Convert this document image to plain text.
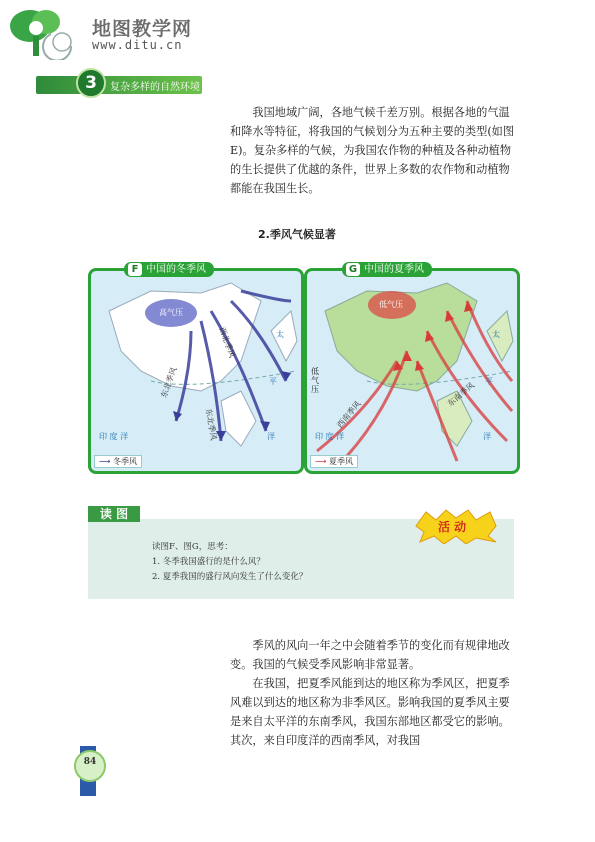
地图教学网
www.ditu.cn
3	复杂多样的自然环境

我国地域广阔，各地气候千差万别。根据各地的气温和降水等特征，将我国的气候划分为五种主要的类型(如图E)。复杂多样的气候，为我国农作物的种植及各种动植物的生长提供了优越的条件，世界上多数的农作物和动植物都能在我国生长。

2.季风气候显著
高气压
太
平
洋
印 度 洋
西北季风
东北季风
东北季风
⟶ 冬季风
F 中国的冬季风
低气压
低气压
太
平
洋
印 度 洋
西南季风
东南季风
⟶ 夏季风
G 中国的夏季风
读 图
活 动
读图F、图G，思考：
1. 冬季我国盛行的是什么风？
2. 夏季我国的盛行风向发生了什么变化？

季风的风向一年之中会随着季节的变化而有规律地改变。我国的气候受季风影响非常显著。

在我国，把夏季风能到达的地区称为季风区，把夏季风难以到达的地区称为非季风区。影响我国的夏季风主要是来自太平洋的东南季风，我国东部地区都受它的影响。其次，来自印度洋的西南季风，对我国

84
